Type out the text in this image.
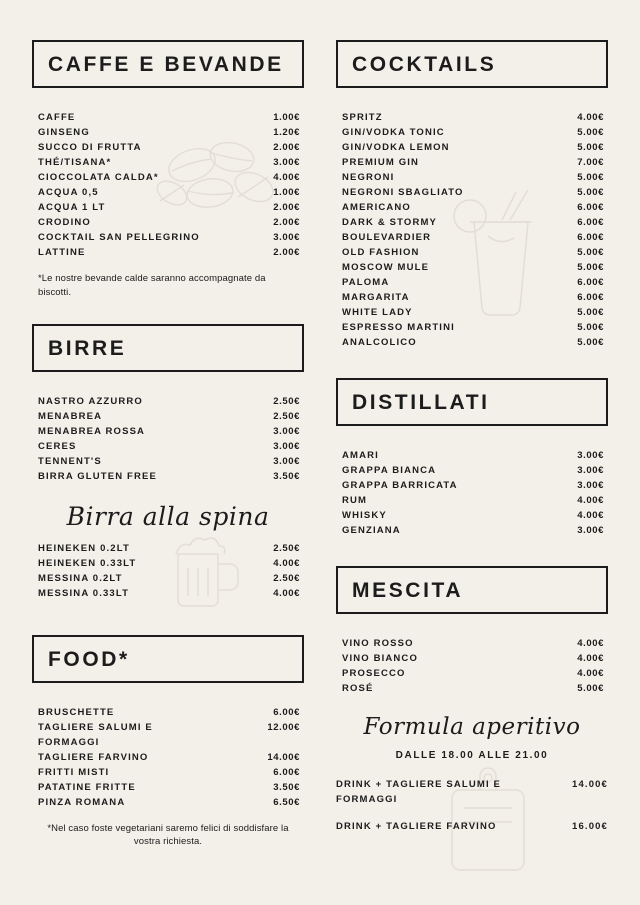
CAFFE E BEVANDE
CAFFE	1.00€
GINSENG	1.20€
SUCCO DI FRUTTA	2.00€
THÉ/TISANA*	3.00€
CIOCCOLATA CALDA*	4.00€
ACQUA 0,5	1.00€
ACQUA 1 LT	2.00€
CRODINO	2.00€
COCKTAIL SAN PELLEGRINO	3.00€
LATTINE	2.00€
*Le nostre bevande calde saranno accompagnate da biscotti.
BIRRE
NASTRO AZZURRO	2.50€
MENABREA	2.50€
MENABREA ROSSA	3.00€
CERES	3.00€
TENNENT'S	3.00€
BIRRA GLUTEN FREE	3.50€
Birra alla spina
HEINEKEN 0.2LT	2.50€
HEINEKEN 0.33LT	4.00€
MESSINA 0.2LT	2.50€
MESSINA 0.33LT	4.00€
FOOD*
BRUSCHETTE	6.00€
TAGLIERE SALUMI E	12.00€
FORMAGGI
TAGLIERE FARVINO	14.00€
FRITTI MISTI	6.00€
PATATINE FRITTE	3.50€
PINZA ROMANA	6.50€
*Nel caso foste vegetariani saremo felici di soddisfare la vostra richiesta.
COCKTAILS
SPRITZ	4.00€
GIN/VODKA TONIC	5.00€
GIN/VODKA LEMON	5.00€
PREMIUM GIN	7.00€
NEGRONI	5.00€
NEGRONI SBAGLIATO	5.00€
AMERICANO	6.00€
DARK & STORMY	6.00€
BOULEVARDIER	6.00€
OLD FASHION	5.00€
MOSCOW MULE	5.00€
PALOMA	6.00€
MARGARITA	6.00€
WHITE LADY	5.00€
ESPRESSO MARTINI	5.00€
ANALCOLICO	5.00€
DISTILLATI
AMARI	3.00€
GRAPPA BIANCA	3.00€
GRAPPA BARRICATA	3.00€
RUM	4.00€
WHISKY	4.00€
GENZIANA	3.00€
MESCITA
VINO ROSSO	4.00€
VINO BIANCO	4.00€
PROSECCO	4.00€
ROSÉ	5.00€
Formula aperitivo
DALLE 18.00 ALLE 21.00
DRINK + TAGLIERE SALUMI E FORMAGGI
14.00€
DRINK + TAGLIERE FARVINO	16.00€
